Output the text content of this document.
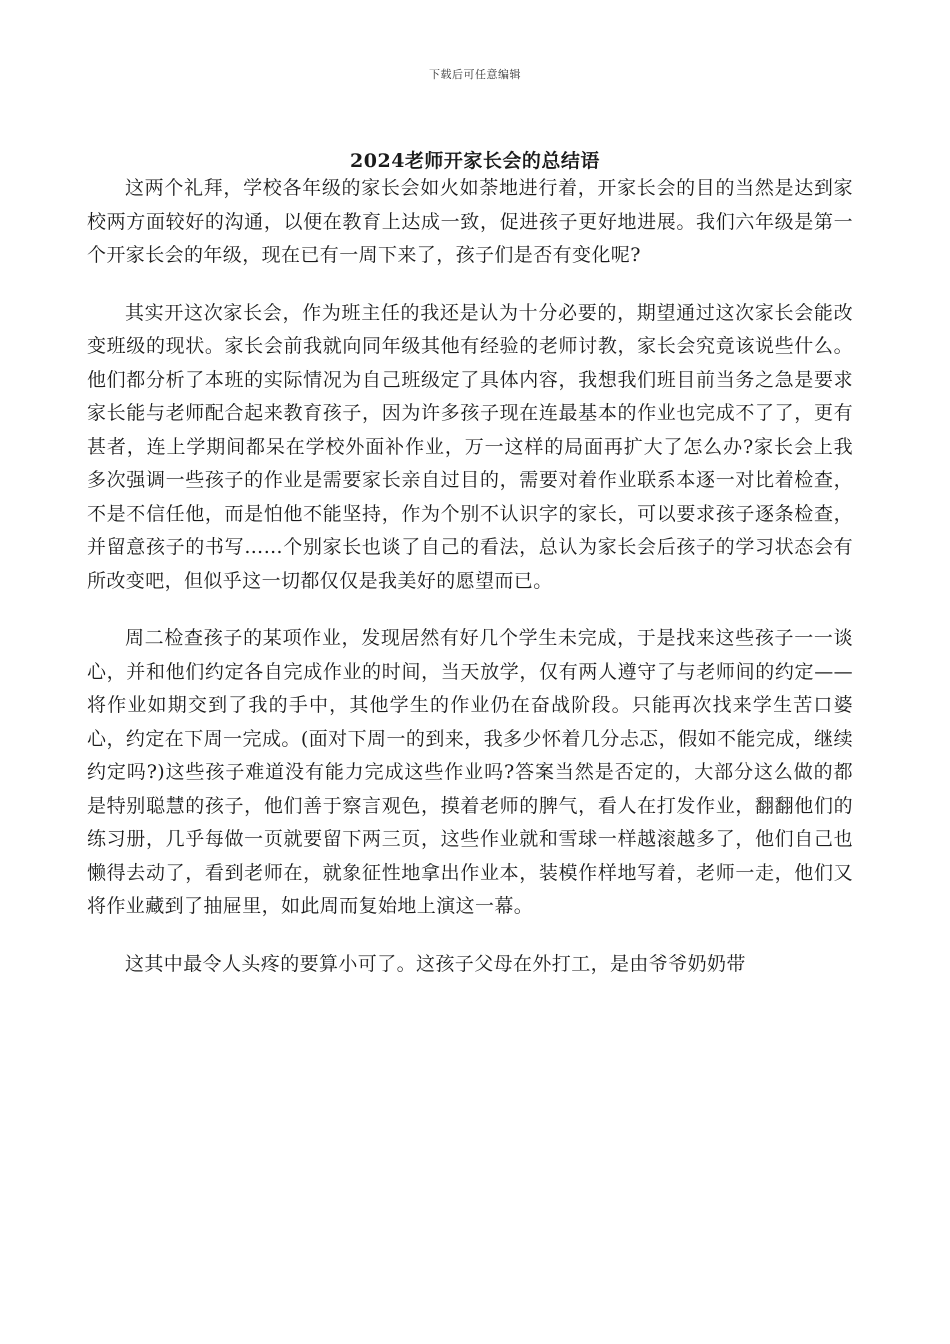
下载后可任意编辑
2024老师开家长会的总结语

这两个礼拜，学校各年级的家长会如火如荼地进行着，开家长会的目的当然是达到家校两方面较好的沟通，以便在教育上达成一致，促进孩子更好地进展。我们六年级是第一个开家长会的年级，现在已有一周下来了，孩子们是否有变化呢?

其实开这次家长会，作为班主任的我还是认为十分必要的，期望通过这次家长会能改变班级的现状。家长会前我就向同年级其他有经验的老师讨教，家长会究竟该说些什么。他们都分析了本班的实际情况为自己班级定了具体内容，我想我们班目前当务之急是要求家长能与老师配合起来教育孩子，因为许多孩子现在连最基本的作业也完成不了了，更有甚者，连上学期间都呆在学校外面补作业，万一这样的局面再扩大了怎么办?家长会上我多次强调一些孩子的作业是需要家长亲自过目的，需要对着作业联系本逐一对比着检查，不是不信任他，而是怕他不能坚持，作为个别不认识字的家长，可以要求孩子逐条检查，并留意孩子的书写……个别家长也谈了自己的看法，总认为家长会后孩子的学习状态会有所改变吧，但似乎这一切都仅仅是我美好的愿望而已。

周二检查孩子的某项作业，发现居然有好几个学生未完成，于是找来这些孩子一一谈心，并和他们约定各自完成作业的时间，当天放学，仅有两人遵守了与老师间的约定——将作业如期交到了我的手中，其他学生的作业仍在奋战阶段。只能再次找来学生苦口婆心，约定在下周一完成。(面对下周一的到来，我多少怀着几分忐忑，假如不能完成，继续约定吗?)这些孩子难道没有能力完成这些作业吗?答案当然是否定的，大部分这么做的都是特别聪慧的孩子，他们善于察言观色，摸着老师的脾气，看人在打发作业，翻翻他们的练习册，几乎每做一页就要留下两三页，这些作业就和雪球一样越滚越多了，他们自己也懒得去动了，看到老师在，就象征性地拿出作业本，装模作样地写着，老师一走，他们又将作业藏到了抽屉里，如此周而复始地上演这一幕。

这其中最令人头疼的要算小可了。这孩子父母在外打工，是由爷爷奶奶带
